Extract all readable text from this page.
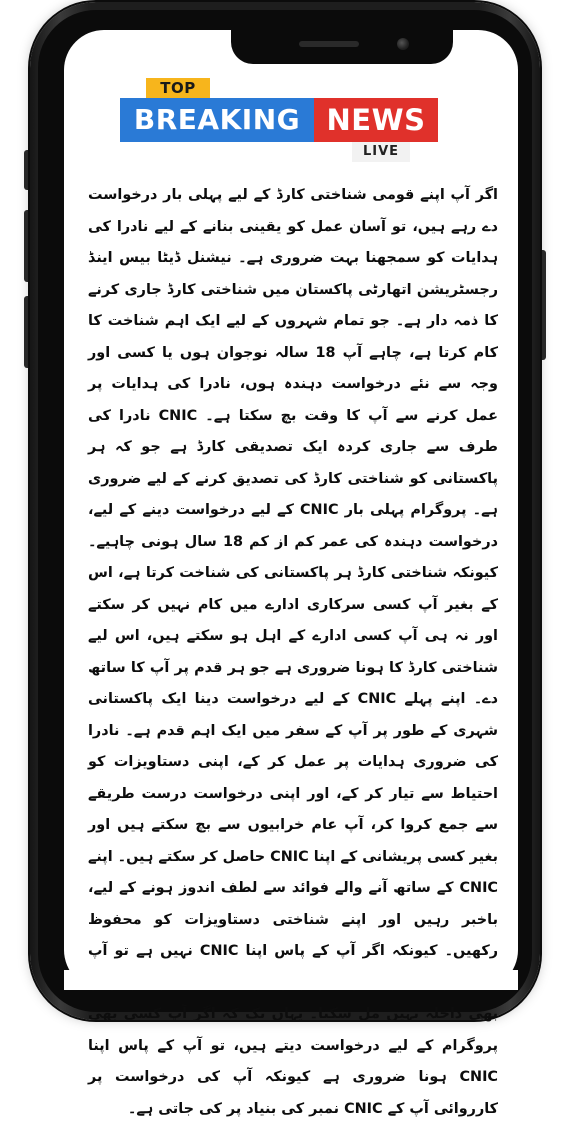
TOP
BREAKING NEWS
LIVE

اگر آپ اپنے قومی شناختی کارڈ کے لیے پہلی بار درخواست دے رہے ہیں، تو آسان عمل کو یقینی بنانے کے لیے نادرا کی ہدایات کو سمجھنا بہت ضروری ہے۔ نیشنل ڈیٹا بیس اینڈ رجسٹریشن اتھارٹی پاکستان میں شناختی کارڈ جاری کرنے کا ذمہ دار ہے۔ جو تمام شہروں کے لیے ایک اہم شناخت کا کام کرتا ہے، چاہے آپ 18 سالہ نوجوان ہوں یا کسی اور وجہ سے نئے درخواست دہندہ ہوں، نادرا کی ہدایات پر عمل کرنے سے آپ کا وقت بچ سکتا ہے۔ CNIC نادرا کی طرف سے جاری کردہ ایک تصدیقی کارڈ ہے جو کہ ہر پاکستانی کو شناختی کارڈ کی تصدیق کرنے کے لیے ضروری ہے۔ پروگرام پہلی بار CNIC کے لیے درخواست دینے کے لیے، درخواست دہندہ کی عمر کم از کم 18 سال ہونی چاہیے۔ کیونکہ شناختی کارڈ ہر پاکستانی کی شناخت کرتا ہے، اس کے بغیر آپ کسی سرکاری ادارے میں کام نہیں کر سکتے اور نہ ہی آپ کسی ادارے کے اہل ہو سکتے ہیں، اس لیے شناختی کارڈ کا ہونا ضروری ہے جو ہر قدم پر آپ کا ساتھ دے۔ اپنے پہلے CNIC کے لیے درخواست دینا ایک پاکستانی شہری کے طور پر آپ کے سفر میں ایک اہم قدم ہے۔ نادرا کی ضروری ہدایات پر عمل کر کے، اپنی دستاویزات کو احتیاط سے تیار کر کے، اور اپنی درخواست درست طریقے سے جمع کروا کر، آپ عام خرابیوں سے بچ سکتے ہیں اور بغیر کسی پریشانی کے اپنا CNIC حاصل کر سکتے ہیں۔ اپنے CNIC کے ساتھ آنے والے فوائد سے لطف اندوز ہونے کے لیے، باخبر رہیں اور اپنے شناختی دستاویزات کو محفوظ رکھیں۔ کیونکہ اگر آپ کے پاس اپنا CNIC نہیں ہے تو آپ بھی داخلہ نہیں مل سکتا۔ یہاں تک کہ اگر آپ کسی بھی پروگرام کے لیے درخواست دیتے ہیں، تو آپ کے پاس اپنا CNIC ہونا ضروری ہے کیونکہ آپ کی درخواست پر کارروائی آپ کے CNIC نمبر کی بنیاد پر کی جاتی ہے۔
